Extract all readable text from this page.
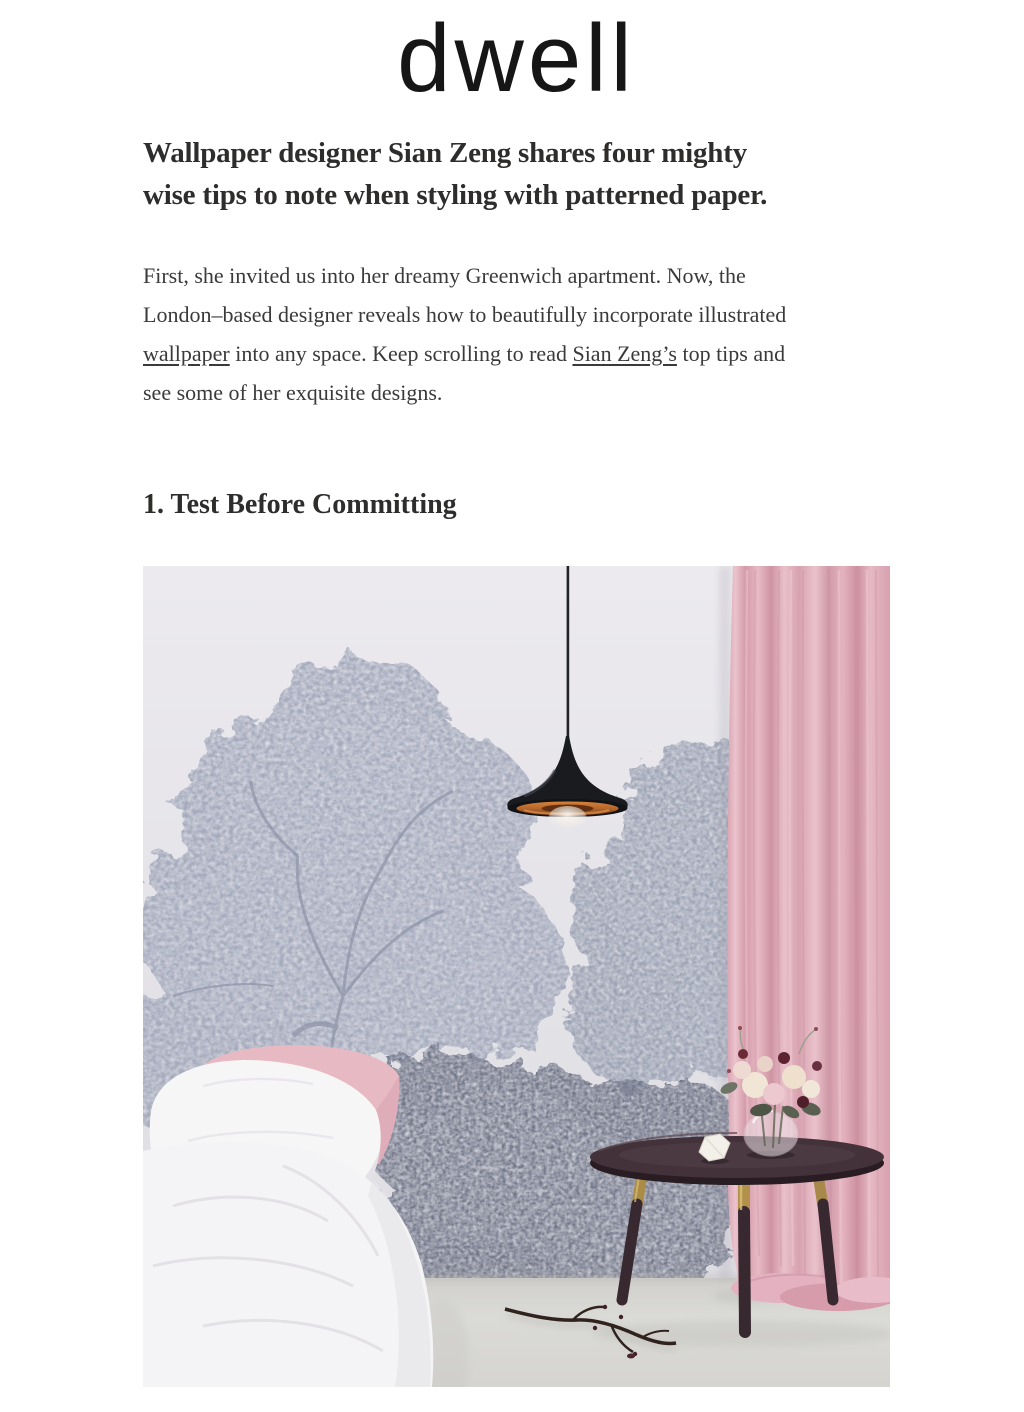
dwell
Wallpaper designer Sian Zeng shares four mighty
wise tips to note when styling with patterned paper.

First, she invited us into her dreamy Greenwich apartment. Now, the
London–based designer reveals how to beautifully incorporate illustrated
wallpaper into any space. Keep scrolling to read Sian Zeng’s top tips and
see some of her exquisite designs.

1. Test Before Committing
